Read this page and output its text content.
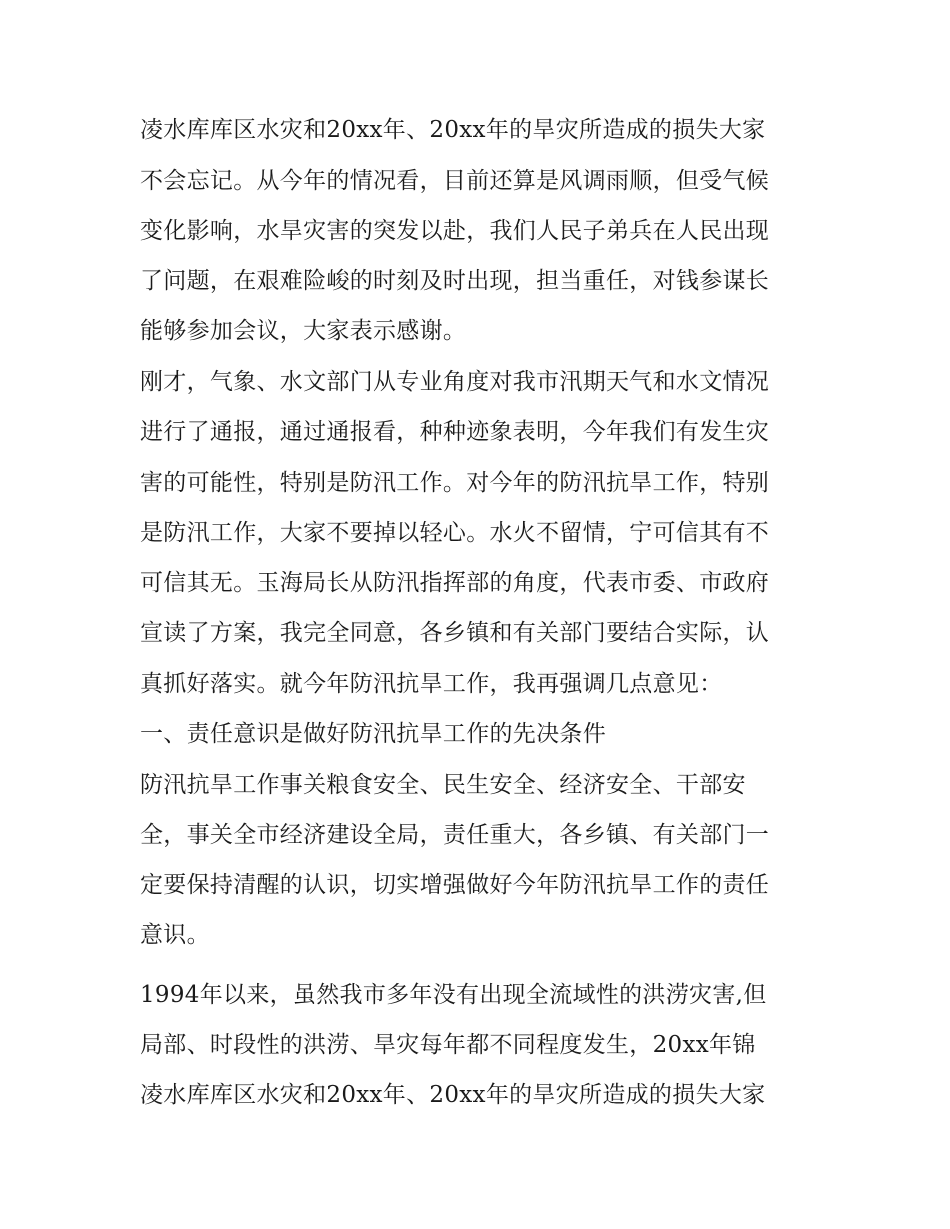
凌水库库区水灾和20xx年、20xx年的旱灾所造成的损失大家
不会忘记。从今年的情况看，目前还算是风调雨顺，但受气候
变化影响，水旱灾害的突发以赴，我们人民子弟兵在人民出现
了问题，在艰难险峻的时刻及时出现，担当重任，对钱参谋长
能够参加会议，大家表示感谢。
刚才，气象、水文部门从专业角度对我市汛期天气和水文情况
进行了通报，通过通报看，种种迹象表明，今年我们有发生灾
害的可能性，特别是防汛工作。对今年的防汛抗旱工作，特别
是防汛工作，大家不要掉以轻心。水火不留情，宁可信其有不
可信其无。玉海局长从防汛指挥部的角度，代表市委、市政府
宣读了方案，我完全同意，各乡镇和有关部门要结合实际，认
真抓好落实。就今年防汛抗旱工作，我再强调几点意见：
一、责任意识是做好防汛抗旱工作的先决条件
防汛抗旱工作事关粮食安全、民生安全、经济安全、干部安
全，事关全市经济建设全局，责任重大，各乡镇、有关部门一
定要保持清醒的认识，切实增强做好今年防汛抗旱工作的责任
意识。
1994年以来，虽然我市多年没有出现全流域性的洪涝灾害,但
局部、时段性的洪涝、旱灾每年都不同程度发生，20xx年锦
凌水库库区水灾和20xx年、20xx年的旱灾所造成的损失大家
